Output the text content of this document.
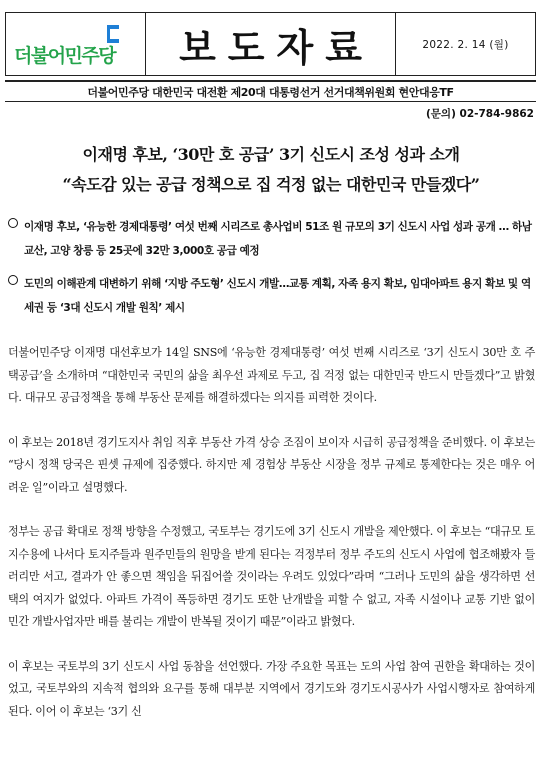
더불어민주당	보도자료	2022. 2. 14 (월)
더불어민주당 대한민국 대전환 제20대 대통령선거 선거대책위원회 현안대응TF
(문의) 02-784-9862
이재명 후보, ‘30만 호 공급’ 3기 신도시 조성 성과 소개
“속도감 있는 공급 정책으로 집 걱정 없는 대한민국 만들겠다”
이재명 후보, ‘유능한 경제대통령’ 여섯 번째 시리즈로 총사업비 51조 원 규모의 3기 신도시 사업 성과 공개 … 하남 교산, 고양 창릉 등 25곳에 32만 3,000호 공급 예정
도민의 이해관계 대변하기 위해 ‘지방 주도형’ 신도시 개발…교통 계획, 자족 용지 확보, 임대아파트 용지 확보 및 역세권 등 ‘3대 신도시 개발 원칙’ 제시

더불어민주당 이재명 대선후보가 14일 SNS에 ‘유능한 경제대통령’ 여섯 번째 시리즈로 ‘3기 신도시 30만 호 주택공급’을 소개하며 “대한민국 국민의 삶을 최우선 과제로 두고, 집 걱정 없는 대한민국 반드시 만들겠다”고 밝혔다. 대규모 공급정책을 통해 부동산 문제를 해결하겠다는 의지를 피력한 것이다.

이 후보는 2018년 경기도지사 취임 직후 부동산 가격 상승 조짐이 보이자 시급히 공급정책을 준비했다. 이 후보는 “당시 정책 당국은 핀셋 규제에 집중했다. 하지만 제 경험상 부동산 시장을 정부 규제로 통제한다는 것은 매우 어려운 일”이라고 설명했다.

정부는 공급 확대로 정책 방향을 수정했고, 국토부는 경기도에 3기 신도시 개발을 제안했다. 이 후보는 “대규모 토지수용에 나서다 토지주들과 원주민들의 원망을 받게 된다는 걱정부터 정부 주도의 신도시 사업에 협조해봤자 들러리만 서고, 결과가 안 좋으면 책임을 뒤집어쓸 것이라는 우려도 있었다”라며 “그러나 도민의 삶을 생각하면 선택의 여지가 없었다. 아파트 가격이 폭등하면 경기도 또한 난개발을 피할 수 없고, 자족 시설이나 교통 기반 없이 민간 개발사업자만 배를 불리는 개발이 반복될 것이기 때문”이라고 밝혔다.

이 후보는 국토부의 3기 신도시 사업 동참을 선언했다. 가장 주요한 목표는 도의 사업 참여 권한을 확대하는 것이었고, 국토부와의 지속적 협의와 요구를 통해 대부분 지역에서 경기도와 경기도시공사가 사업시행자로 참여하게 된다. 이어 이 후보는 ‘3기 신
